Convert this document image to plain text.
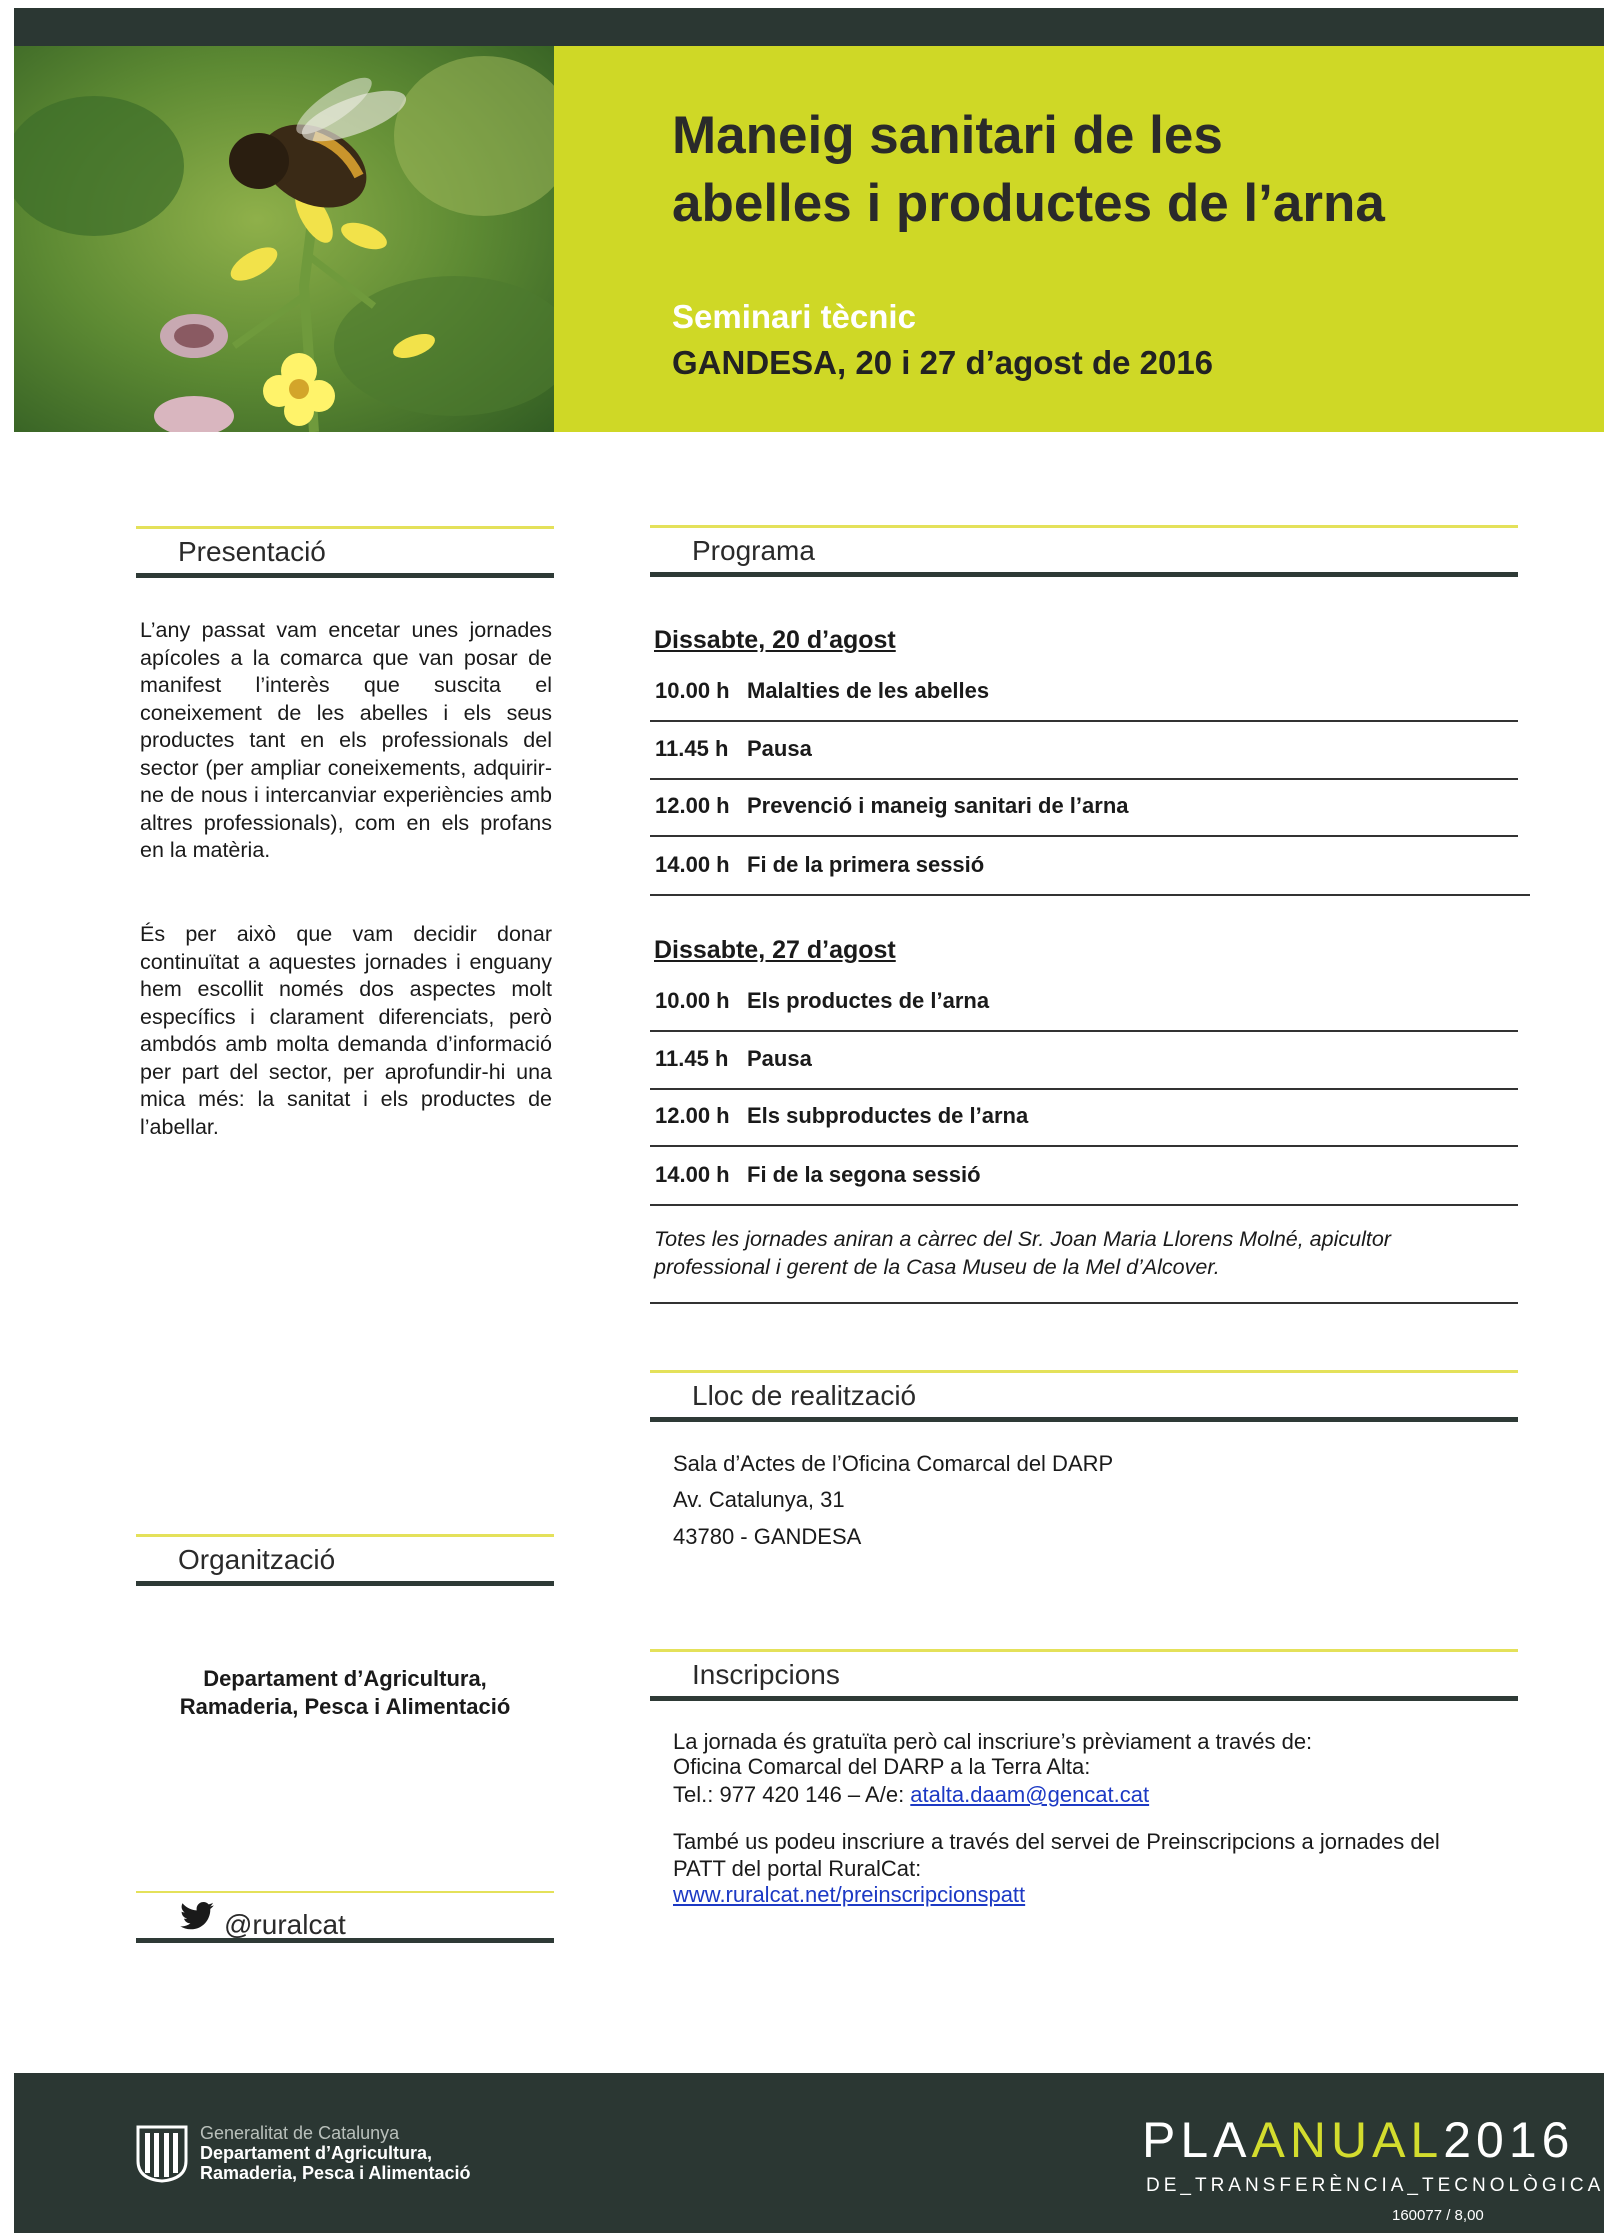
Maneig sanitari de les
abelles i productes de l’arna
Seminari tècnic
GANDESA, 20 i 27 d’agost de 2016
Presentació

L’any passat vam encetar unes jornades apícoles a la comarca que van posar de manifest l’interès que suscita el coneixement de les abelles i els seus productes tant en els professionals del sector (per ampliar coneixements, adquirir-ne de nous i intercanviar experiències amb altres professionals), com en els profans en la matèria.

És per això que vam decidir donar continuïtat a aquestes jornades i enguany hem escollit només dos aspectes molt específics i clarament diferenciats, però ambdós amb molta demanda d’informació per part del sector, per aprofundir-hi una mica més: la sanitat i els productes de l’abellar.

Programa
Dissabte, 20 d’agost
10.00 h Malalties de les abelles
11.45 h Pausa
12.00 h Prevenció i maneig sanitari de l’arna
14.00 h Fi de la primera sessió
Dissabte, 27 d’agost
10.00 h Els productes de l’arna
11.45 h Pausa
12.00 h Els subproductes de l’arna
14.00 h Fi de la segona sessió

Totes les jornades aniran a càrrec del Sr. Joan Maria Llorens Molné, apicultor
professional i gerent de la Casa Museu de la Mel d’Alcover.

Lloc de realització
Sala d’Actes de l’Oficina Comarcal del DARP
Av. Catalunya, 31
43780 - GANDESA
Organització
Departament d’Agricultura,
Ramaderia, Pesca i Alimentació
Inscripcions
La jornada és gratuïta però cal inscriure’s prèviament a través de:
Oficina Comarcal del DARP a la Terra Alta:
Tel.: 977 420 146 – A/e: atalta.daam@gencat.cat
També us podeu inscriure a través del servei de Preinscripcions a jornades del
PATT del portal RuralCat:
www.ruralcat.net/preinscripcionspatt
@ruralcat
Generalitat de Catalunya
Departament d’Agricultura,
Ramaderia, Pesca i Alimentació
PLAANUAL2016
DE_TRANSFERÈNCIA_TECNOLÒGICA
160077 / 8,00
